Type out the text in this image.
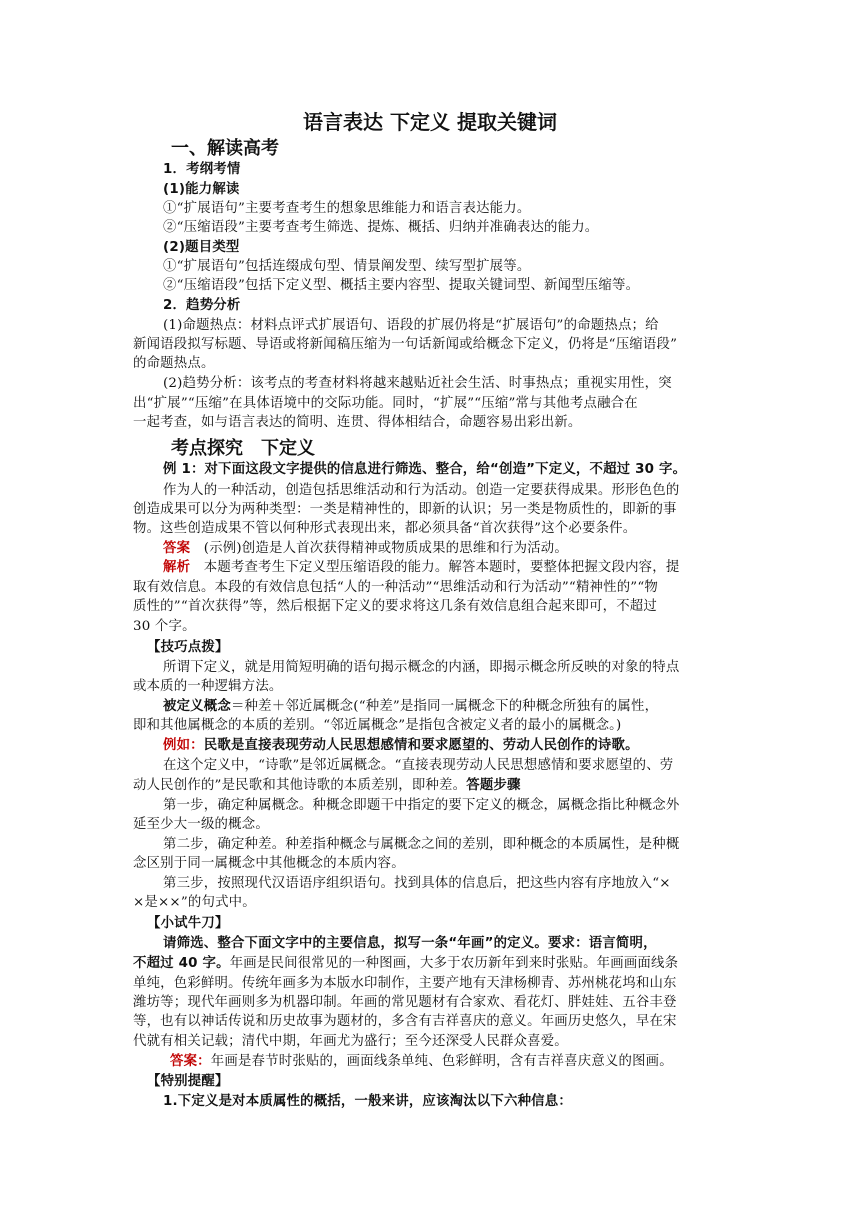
语言表达 下定义 提取关键词
一、解读高考
1．考纲考情
(1)能力解读
①“扩展语句”主要考查考生的想象思维能力和语言表达能力。
②“压缩语段”主要考查考生筛选、提炼、概括、归纳并准确表达的能力。
(2)题目类型
①“扩展语句”包括连缀成句型、情景阐发型、续写型扩展等。
②“压缩语段”包括下定义型、概括主要内容型、提取关键词型、新闻型压缩等。
2．趋势分析
(1)命题热点：材料点评式扩展语句、语段的扩展仍将是“扩展语句”的命题热点；给
新闻语段拟写标题、导语或将新闻稿压缩为一句话新闻或给概念下定义，仍将是“压缩语段”
的命题热点。
(2)趋势分析：该考点的考查材料将越来越贴近社会生活、时事热点；重视实用性，突
出“扩展”“压缩”在具体语境中的交际功能。同时，“扩展”“压缩”常与其他考点融合在
一起考查，如与语言表达的简明、连贯、得体相结合，命题容易出彩出新。
考点探究　下定义
例 1：对下面这段文字提供的信息进行筛选、整合，给“创造”下定义，不超过 30 字。
作为人的一种活动，创造包括思维活动和行为活动。创造一定要获得成果。形形色色的
创造成果可以分为两种类型：一类是精神性的，即新的认识；另一类是物质性的，即新的事
物。这些创造成果不管以何种形式表现出来，都必须具备“首次获得”这个必要条件。
答案　(示例)创造是人首次获得精神或物质成果的思维和行为活动。
解析　本题考查考生下定义型压缩语段的能力。解答本题时，要整体把握文段内容，提
取有效信息。本段的有效信息包括“人的一种活动”“思维活动和行为活动”“精神性的”“物
质性的”“首次获得”等，然后根据下定义的要求将这几条有效信息组合起来即可，不超过
30 个字。
【技巧点拨】
所谓下定义，就是用简短明确的语句揭示概念的内涵，即揭示概念所反映的对象的特点
或本质的一种逻辑方法。
被定义概念＝种差＋邻近属概念(“种差”是指同一属概念下的种概念所独有的属性，
即和其他属概念的本质的差别。“邻近属概念”是指包含被定义者的最小的属概念。)
例如：民歌是直接表现劳动人民思想感情和要求愿望的、劳动人民创作的诗歌。
在这个定义中，“诗歌”是邻近属概念。“直接表现劳动人民思想感情和要求愿望的、劳
动人民创作的”是民歌和其他诗歌的本质差别，即种差。答题步骤
第一步，确定种属概念。种概念即题干中指定的要下定义的概念，属概念指比种概念外
延至少大一级的概念。
第二步，确定种差。种差指种概念与属概念之间的差别，即种概念的本质属性，是种概
念区别于同一属概念中其他概念的本质内容。
第三步，按照现代汉语语序组织语句。找到具体的信息后，把这些内容有序地放入“×
×是××”的句式中。
【小试牛刀】
请筛选、整合下面文字中的主要信息，拟写一条“年画”的定义。要求：语言简明，
不超过 40 字。年画是民间很常见的一种图画，大多于农历新年到来时张贴。年画画面线条
单纯，色彩鲜明。传统年画多为本版水印制作，主要产地有天津杨柳青、苏州桃花坞和山东
潍坊等；现代年画则多为机器印制。年画的常见题材有合家欢、看花灯、胖娃娃、五谷丰登
等，也有以神话传说和历史故事为题材的，多含有吉祥喜庆的意义。年画历史悠久，早在宋
代就有相关记载；清代中期，年画尤为盛行；至今还深受人民群众喜爱。
答案：年画是春节时张贴的，画面线条单纯、色彩鲜明，含有吉祥喜庆意义的图画。
【特别提醒】
1.下定义是对本质属性的概括，一般来讲，应该淘汰以下六种信息：
